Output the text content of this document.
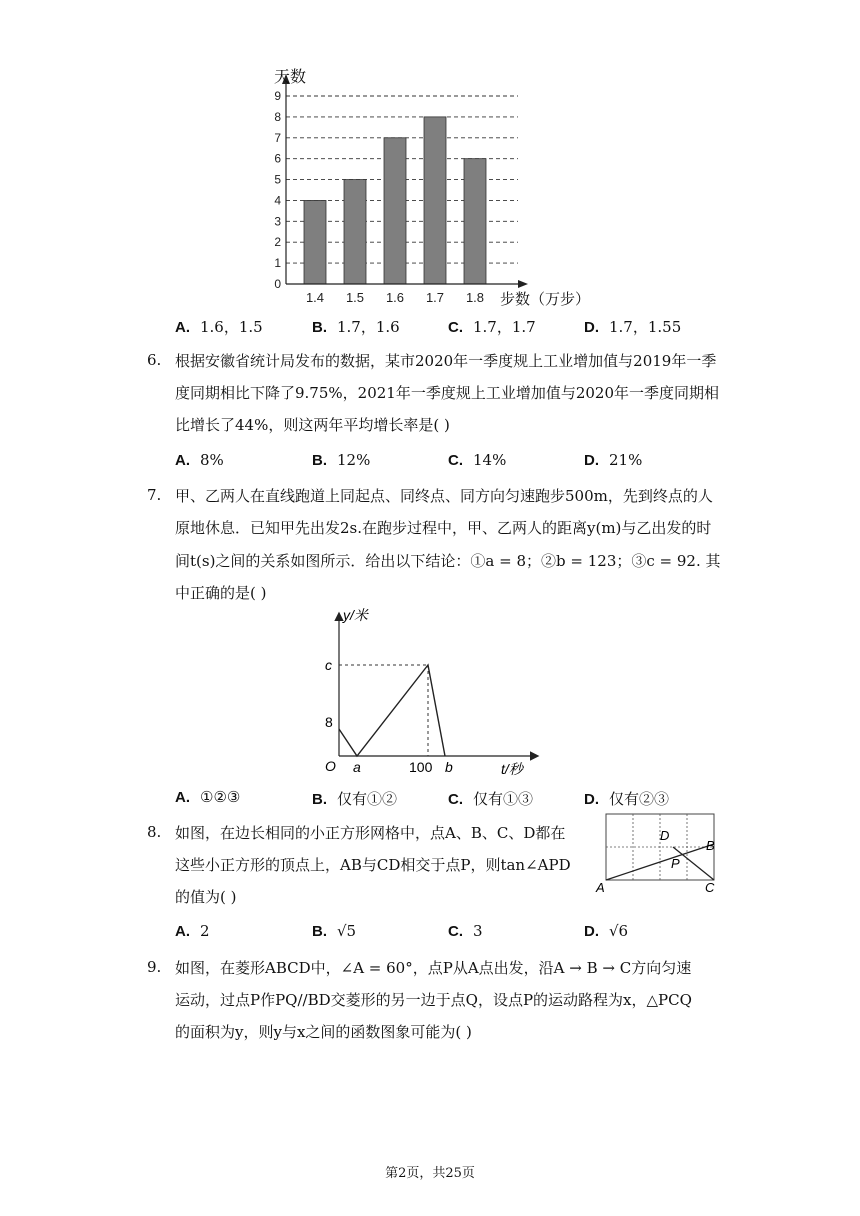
1.4 1.5 1.6 1.7 1.8
0
1
2
3
4
5
6
7
8
9
天数
步数（万步）
A. 1.6，1.5	B. 1.7，1.6	C. 1.7，1.7	D. 1.7，1.55
6. 根据安徽省统计局发布的数据，某市2020年一季度规上工业增加值与2019年一季
度同期相比下降了9.75%，2021年一季度规上工业增加值与2020年一季度同期相
比增长了44%，则这两年平均增长率是( )
A. 8%	B. 12%	C. 14%	D. 21%
7. 甲、乙两人在直线跑道上同起点、同终点、同方向匀速跑步500m，先到终点的人
原地休息．已知甲先出发2s.在跑步过程中，甲、乙两人的距离y(m)与乙出发的时
间t(s)之间的关系如图所示．给出以下结论：①a = 8；②b = 123；③c = 92. 其
中正确的是( )
y/米
t/秒
O
c
8
a	100 b
A. ①②③	B. 仅有①②	C. 仅有①③	D. 仅有②③
8. 如图，在边长相同的小正方形网格中，点A、B、C、D都在
这些小正方形的顶点上，AB与CD相交于点P，则tan∠APD
的值为( )
A
B
C
D
P
A. 2	B. √5	C. 3	D. √6
9. 如图，在菱形ABCD中，∠A = 60°，点P从A点出发，沿A → B → C方向匀速
运动，过点P作PQ//BD交菱形的另一边于点Q，设点P的运动路程为x，△PCQ
的面积为y，则y与x之间的函数图象可能为( )
第2页，共25页
